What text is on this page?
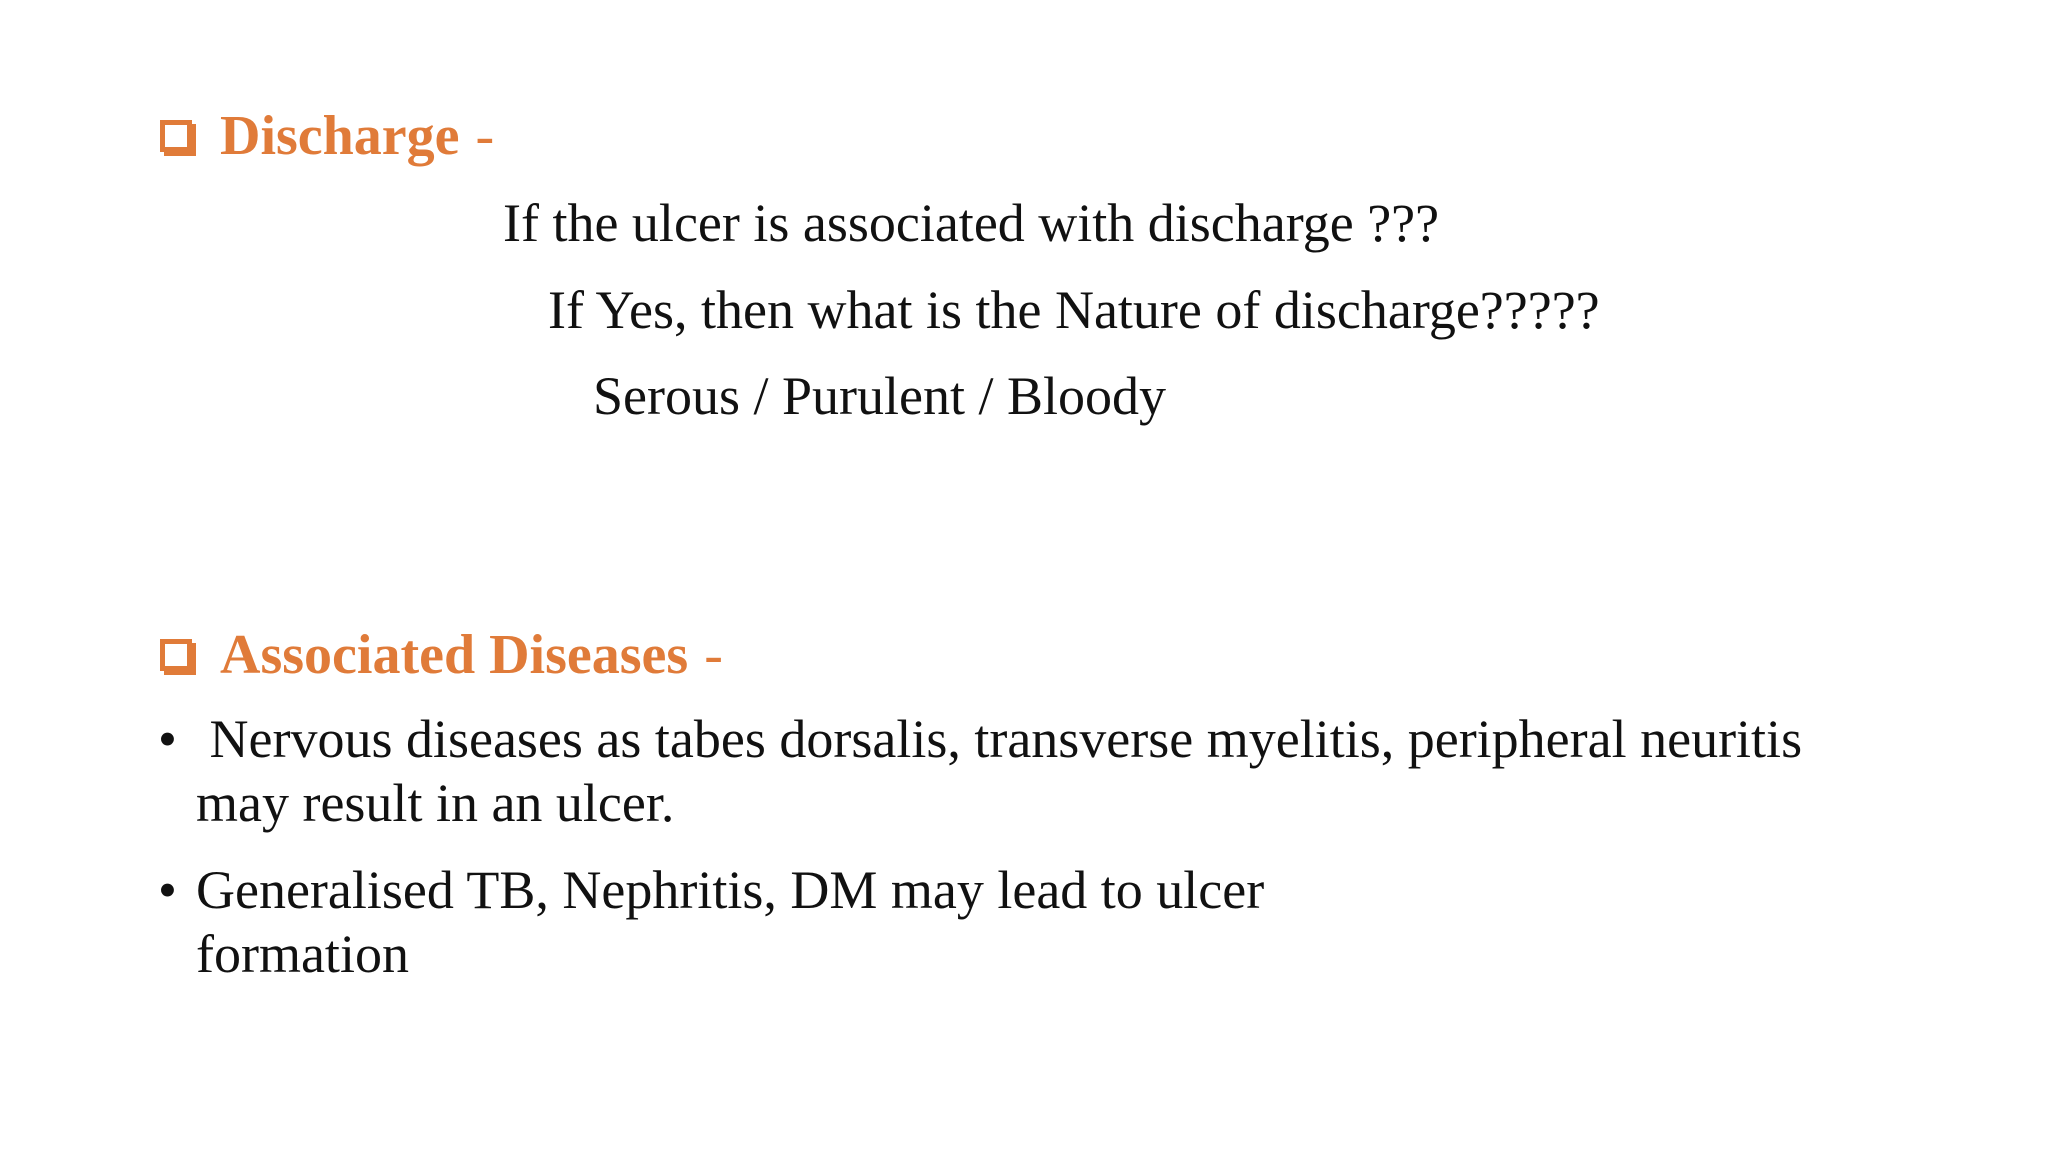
Discharge -
If the ulcer is associated with discharge ???
If Yes, then what is the Nature of discharge?????
Serous / Purulent / Bloody
Associated Diseases -
• Nervous diseases as tabes dorsalis, transverse myelitis, peripheral neuritis
may result in an ulcer.
• Generalised TB, Nephritis, DM may lead to ulcer
formation
